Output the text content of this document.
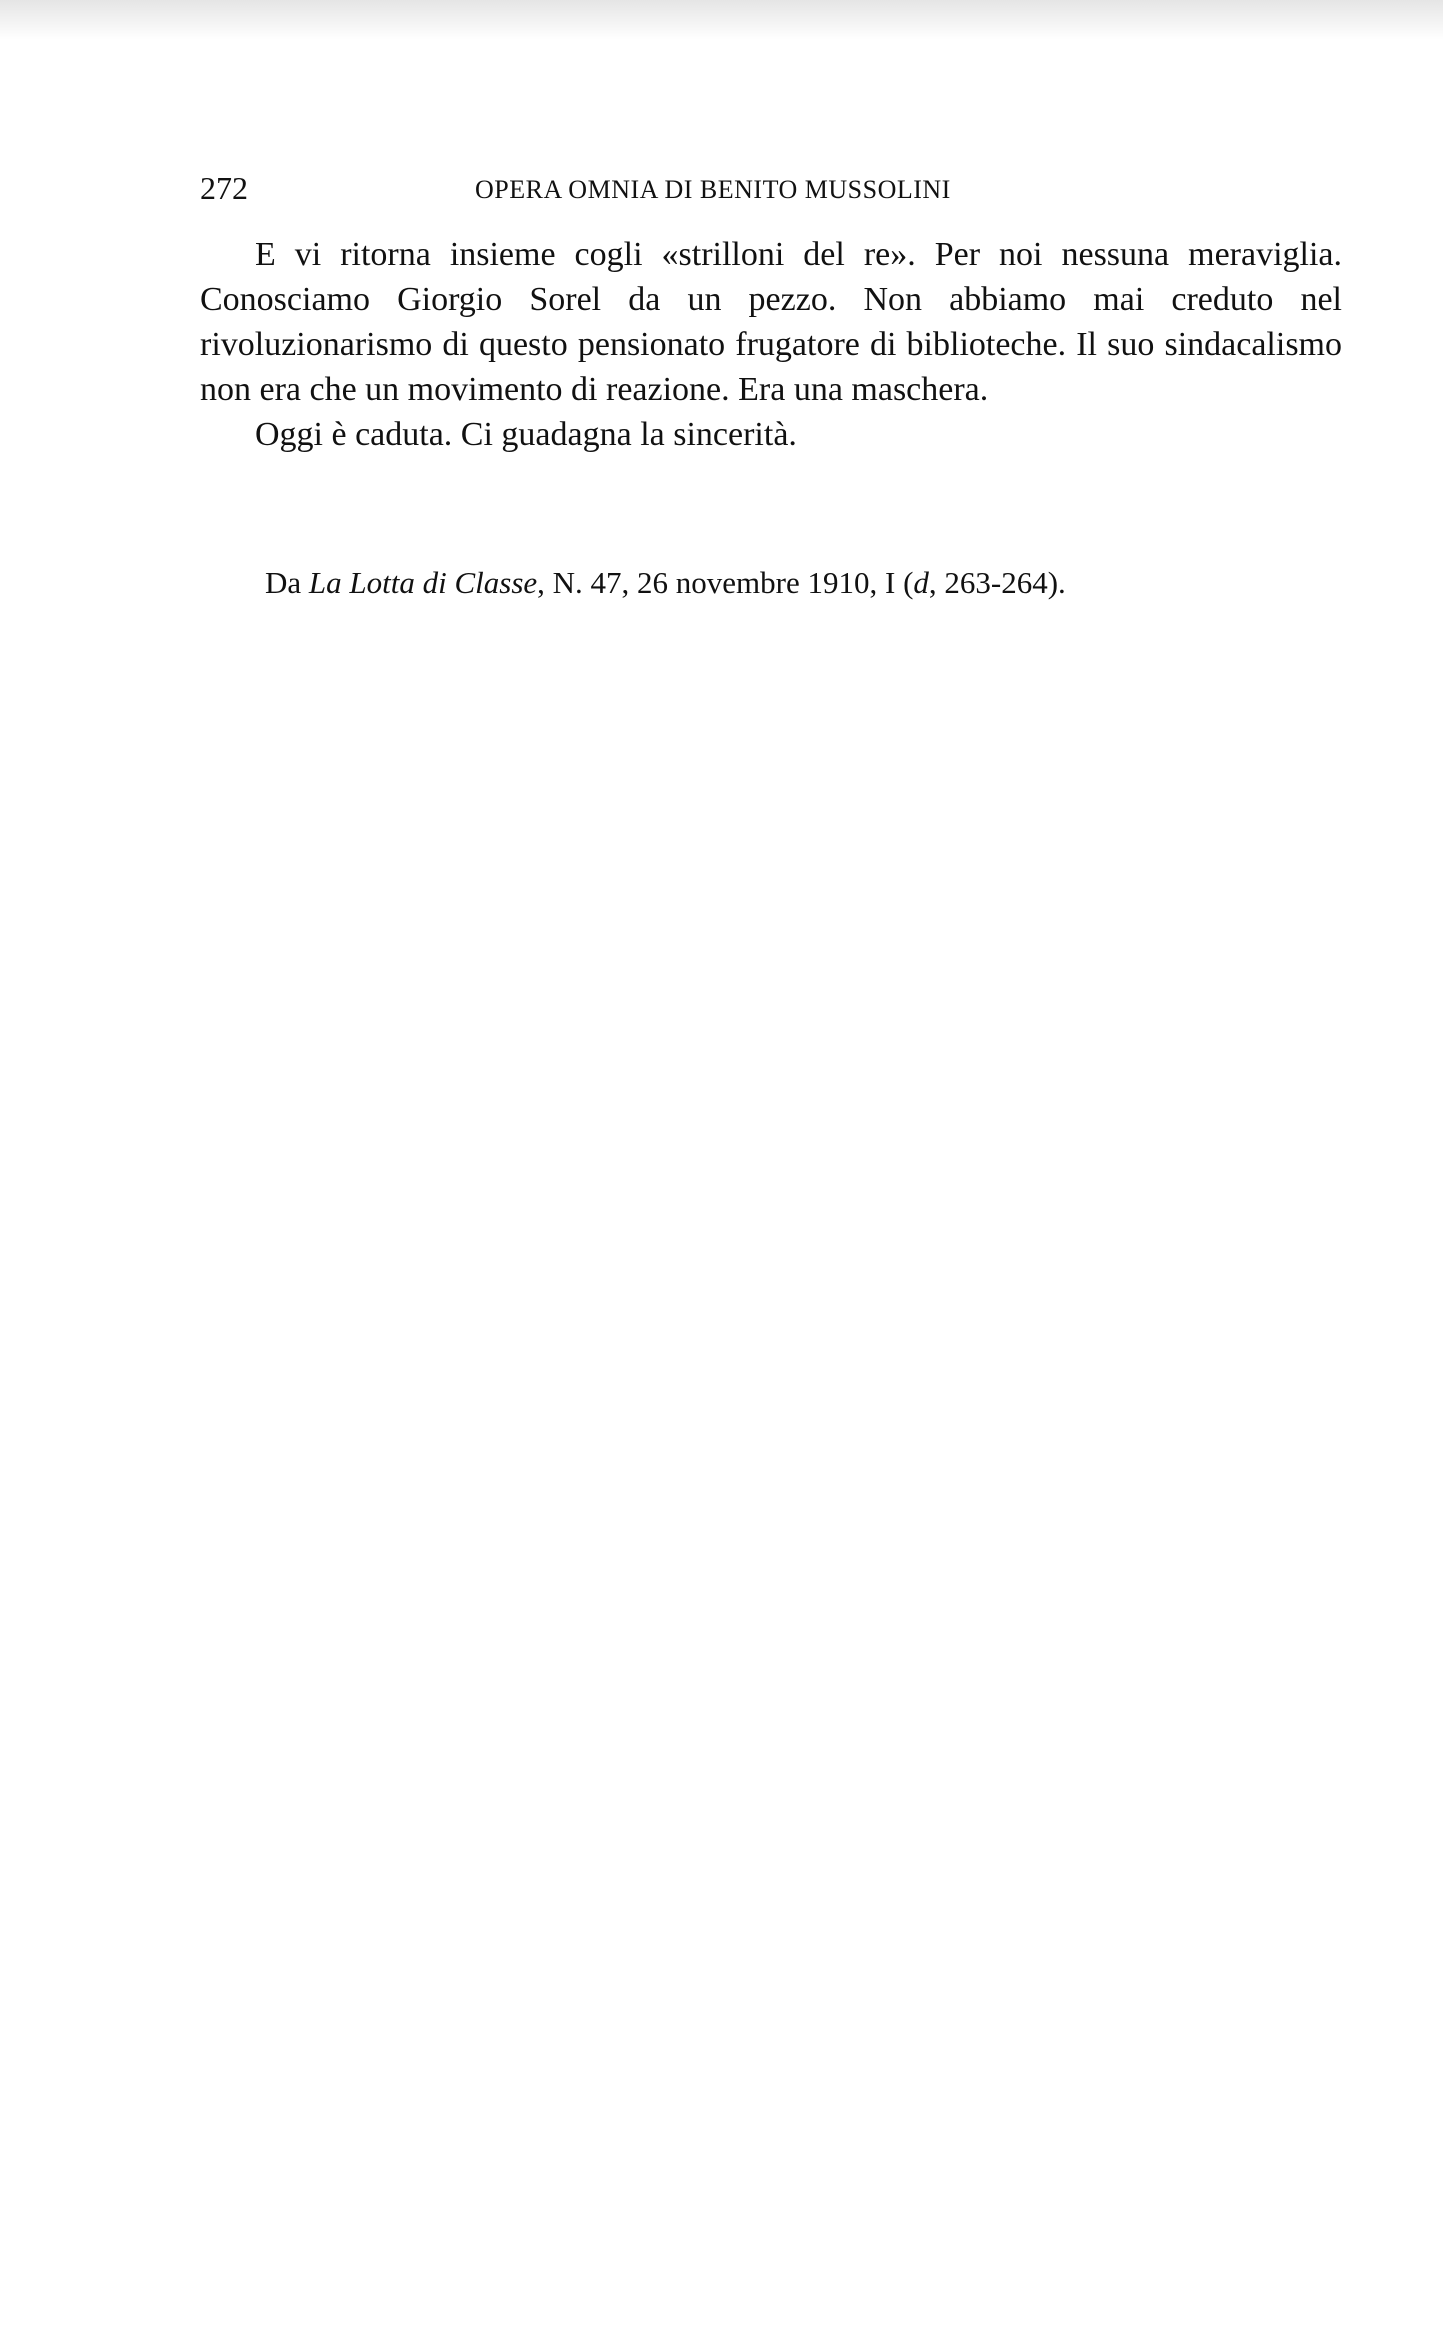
272	OPERA OMNIA DI BENITO MUSSOLINI

E vi ritorna insieme cogli «strilloni del re». Per noi nessuna meraviglia. Conosciamo Giorgio Sorel da un pezzo. Non abbiamo mai creduto nel rivoluzionarismo di questo pensionato frugatore di biblioteche. Il suo sindacalismo non era che un movimento di reazione. Era una maschera.

Oggi è caduta. Ci guadagna la sincerità.

Da La Lotta di Classe, N. 47, 26 novembre 1910, I (d, 263-264).
